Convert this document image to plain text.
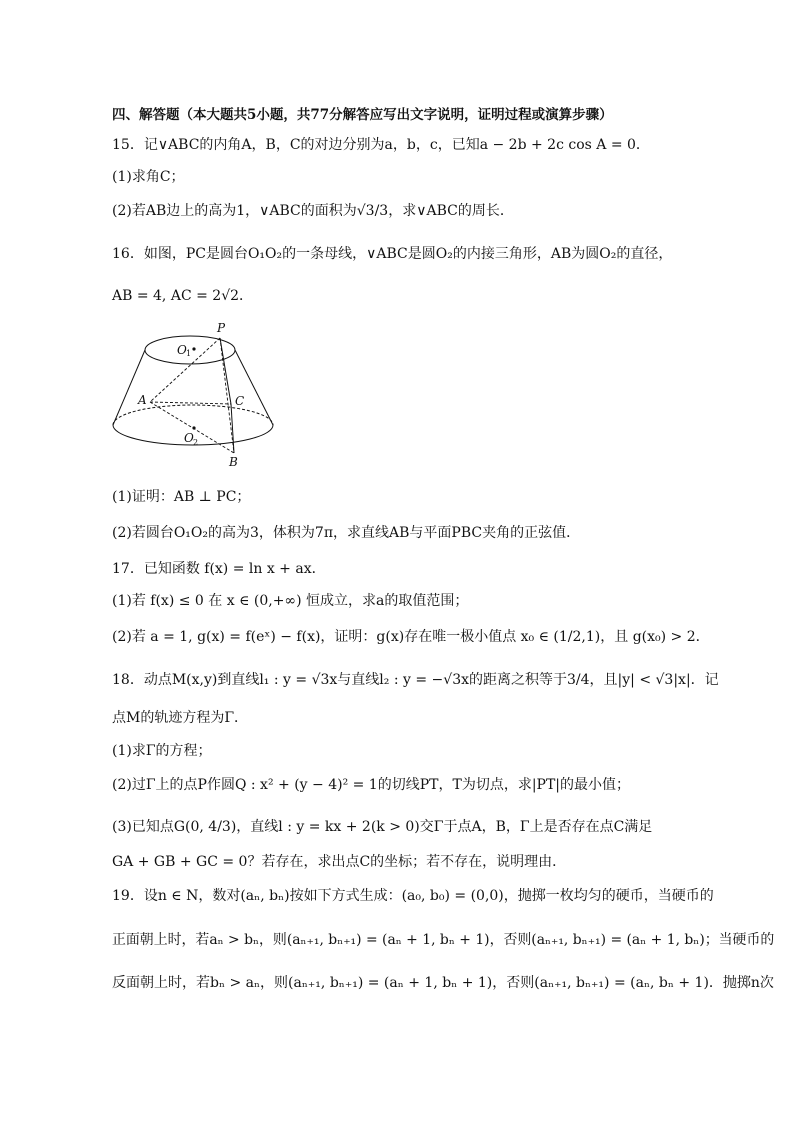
四、解答题（本大题共5小题，共77分解答应写出文字说明，证明过程或演算步骤）
15．记∨ABC的内角A，B，C的对边分别为a，b，c，已知a − 2b + 2c cos A = 0．
(1)求角C；
(2)若AB边上的高为1，∨ABC的面积为√3/3，求∨ABC的周长．
16．如图，PC是圆台O₁O₂的一条母线，∨ABC是圆O₂的内接三角形，AB为圆O₂的直径，
AB = 4, AC = 2√2．
P
O 1
A	C
O 2
B
(1)证明：AB ⊥ PC；
(2)若圆台O₁O₂的高为3，体积为7π，求直线AB与平面PBC夹角的正弦值．
17．已知函数 f(x) = ln x + ax．
(1)若 f(x) ≤ 0 在 x ∈ (0,+∞) 恒成立，求a的取值范围；
(2)若 a = 1, g(x) = f(eˣ) − f(x)，证明：g(x)存在唯一极小值点 x₀ ∈ (1/2,1)，且 g(x₀) > 2．
18．动点M(x,y)到直线l₁ : y = √3x与直线l₂ : y = −√3x的距离之积等于3/4，且|y| < √3|x|．记
点M的轨迹方程为Γ．
(1)求Γ的方程；
(2)过Γ上的点P作圆Q : x² + (y − 4)² = 1的切线PT，T为切点，求|PT|的最小值；
(3)已知点G(0, 4/3)，直线l : y = kx + 2(k > 0)交Γ于点A，B，Γ上是否存在点C满足
GA + GB + GC = 0？若存在，求出点C的坐标；若不存在，说明理由．
19．设n ∈ N，数对(aₙ, bₙ)按如下方式生成：(a₀, b₀) = (0,0)，抛掷一枚均匀的硬币，当硬币的
正面朝上时，若aₙ > bₙ，则(aₙ₊₁, bₙ₊₁) = (aₙ + 1, bₙ + 1)，否则(aₙ₊₁, bₙ₊₁) = (aₙ + 1, bₙ)；当硬币的
反面朝上时，若bₙ > aₙ，则(aₙ₊₁, bₙ₊₁) = (aₙ + 1, bₙ + 1)，否则(aₙ₊₁, bₙ₊₁) = (aₙ, bₙ + 1)．抛掷n次
